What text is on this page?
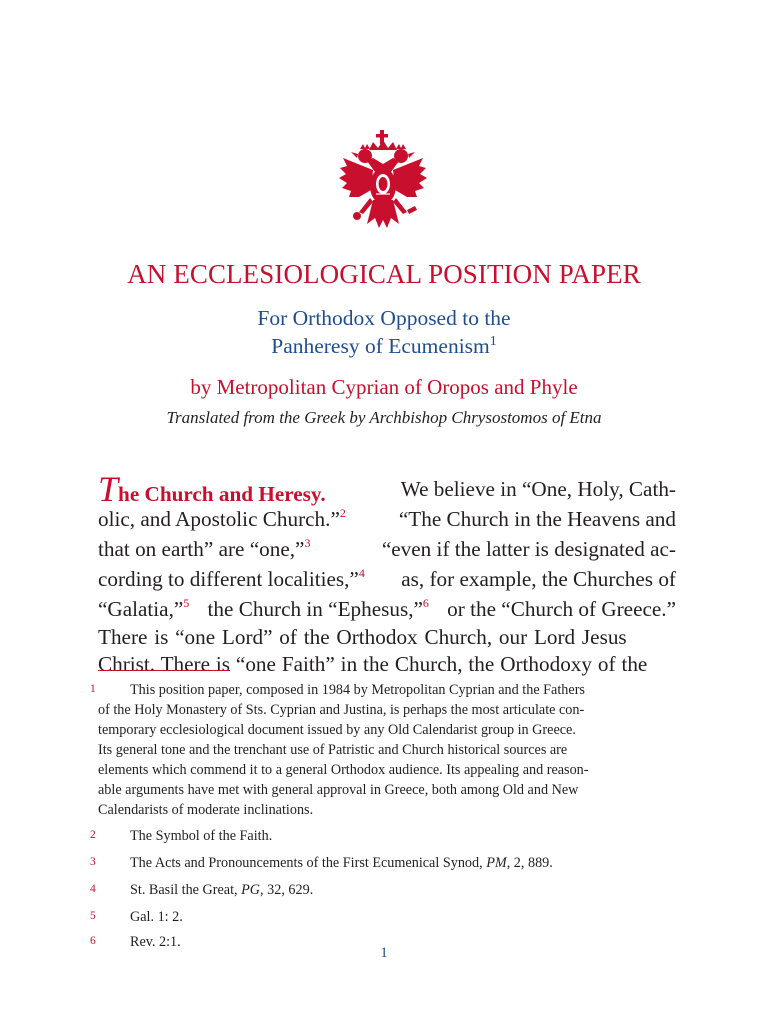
AN ECCLESIOLOGICAL POSITION PAPER
For Orthodox Opposed to the
Panheresy of Ecumenism$^1$
by Metropolitan Cyprian of Oropos and Phyle
Translated from the Greek by Archbishop Chrysostomos of Etna
The Church and Heresy.	We believe in “One, Holy, Cath-
olic, and Apostolic Church.”$^2$	“The Church in the Heavens and
that on earth” are “one,”$^3$	“even if the latter is designated ac-
cording to different localities,”$^4$ as, for example, the Churches of
“Galatia,”$^5$ the Church in “Ephesus,”$^6$ or the “Church of Greece.”
There is “one Lord” of the Orthodox Church, our Lord Jesus
Christ. There is “one Faith” in the Church, the Orthodoxy of the
1	This position paper, composed in 1984 by Metropolitan Cyprian and the Fathers
of the Holy Monastery of Sts. Cyprian and Justina, is perhaps the most articulate con-
temporary ecclesiological document issued by any Old Calendarist group in Greece.
Its general tone and the trenchant use of Patristic and Church historical sources are
elements which commend it to a general Orthodox audience. Its appealing and reason-
able arguments have met with general approval in Greece, both among Old and New
Calendarists of moderate inclinations.
2 The Symbol of the Faith.
3 The Acts and Pronouncements of the First Ecumenical Synod, PM, 2, 889.
4 St. Basil the Great, PG, 32, 629.
5 Gal. 1: 2.
6 Rev. 2:1.
1
